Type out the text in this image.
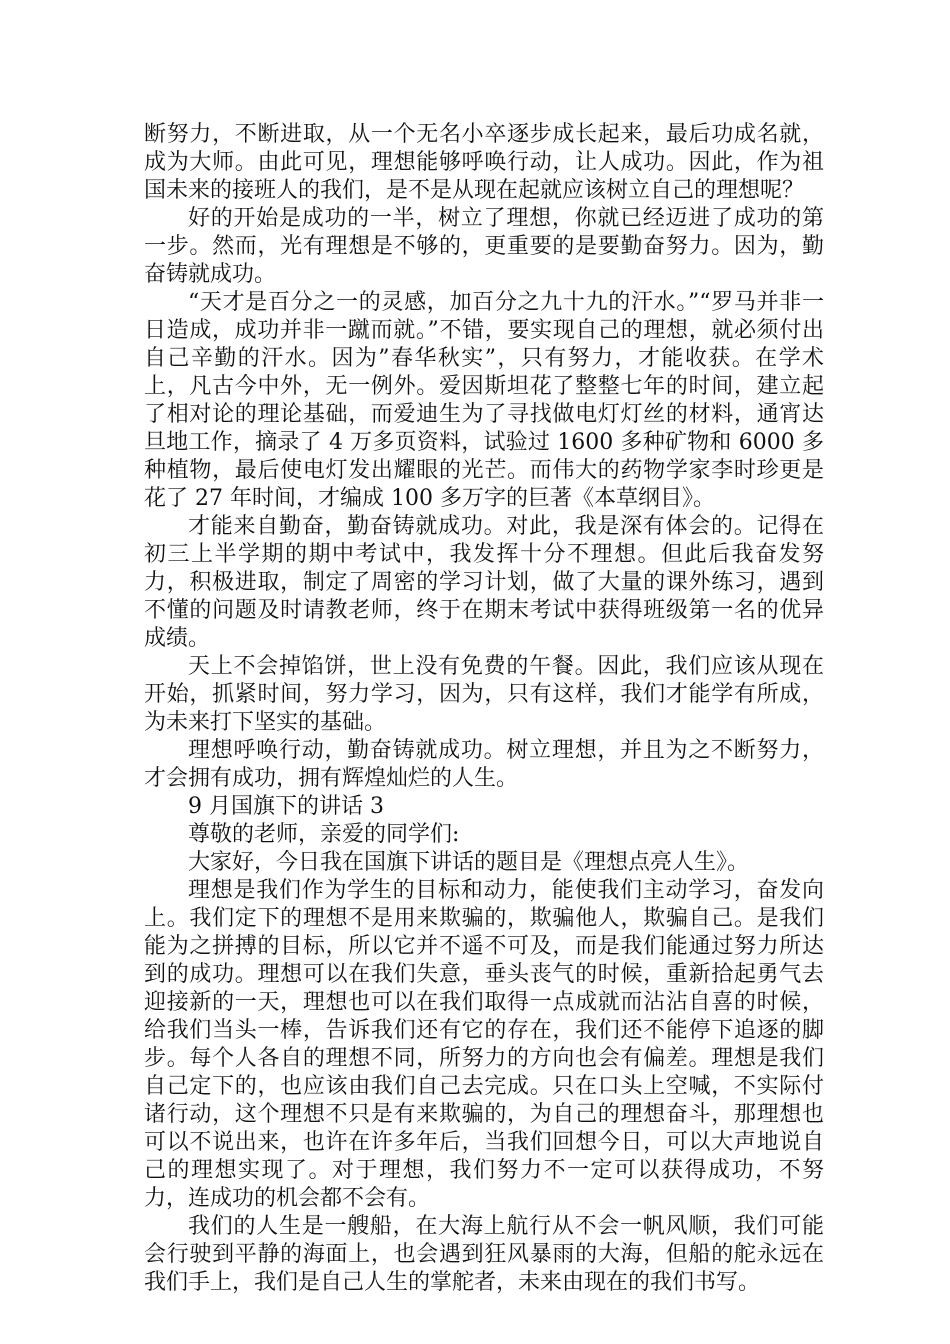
断努力，不断进取，从一个无名小卒逐步成长起来，最后功成名就，成为大师。由此可见，理想能够呼唤行动，让人成功。因此，作为祖国未来的接班人的我们，是不是从现在起就应该树立自己的理想呢？

好的开始是成功的一半，树立了理想，你就已经迈进了成功的第一步。然而，光有理想是不够的，更重要的是要勤奋努力。因为，勤奋铸就成功。

“天才是百分之一的灵感，加百分之九十九的汗水。”“罗马并非一日造成，成功并非一蹴而就。”不错，要实现自己的理想，就必须付出自己辛勤的汗水。因为”春华秋实”，只有努力，才能收获。在学术上，凡古今中外，无一例外。爱因斯坦花了整整七年的时间，建立起了相对论的理论基础，而爱迪生为了寻找做电灯灯丝的材料，通宵达旦地工作，摘录了 4 万多页资料，试验过 1600 多种矿物和 6000 多种植物，最后使电灯发出耀眼的光芒。而伟大的药物学家李时珍更是花了 27 年时间，才编成 100 多万字的巨著《本草纲目》。

才能来自勤奋，勤奋铸就成功。对此，我是深有体会的。记得在初三上半学期的期中考试中，我发挥十分不理想。但此后我奋发努力，积极进取，制定了周密的学习计划，做了大量的课外练习，遇到不懂的问题及时请教老师，终于在期末考试中获得班级第一名的优异成绩。

天上不会掉馅饼，世上没有免费的午餐。因此，我们应该从现在开始，抓紧时间，努力学习，因为，只有这样，我们才能学有所成，为未来打下坚实的基础。

理想呼唤行动，勤奋铸就成功。树立理想，并且为之不断努力，才会拥有成功，拥有辉煌灿烂的人生。

9 月国旗下的讲话 3

尊敬的老师，亲爱的同学们:

大家好，今日我在国旗下讲话的题目是《理想点亮人生》。

理想是我们作为学生的目标和动力，能使我们主动学习，奋发向上。我们定下的理想不是用来欺骗的，欺骗他人，欺骗自己。是我们能为之拼搏的目标，所以它并不遥不可及，而是我们能通过努力所达到的成功。理想可以在我们失意，垂头丧气的时候，重新拾起勇气去迎接新的一天，理想也可以在我们取得一点成就而沾沾自喜的时候，给我们当头一棒，告诉我们还有它的存在，我们还不能停下追逐的脚步。每个人各自的理想不同，所努力的方向也会有偏差。理想是我们自己定下的，也应该由我们自己去完成。只在口头上空喊，不实际付诸行动，这个理想不只是有来欺骗的，为自己的理想奋斗，那理想也可以不说出来，也许在许多年后，当我们回想今日，可以大声地说自己的理想实现了。对于理想，我们努力不一定可以获得成功，不努力，连成功的机会都不会有。

我们的人生是一艘船，在大海上航行从不会一帆风顺，我们可能会行驶到平静的海面上，也会遇到狂风暴雨的大海，但船的舵永远在我们手上，我们是自己人生的掌舵者，未来由现在的我们书写。
